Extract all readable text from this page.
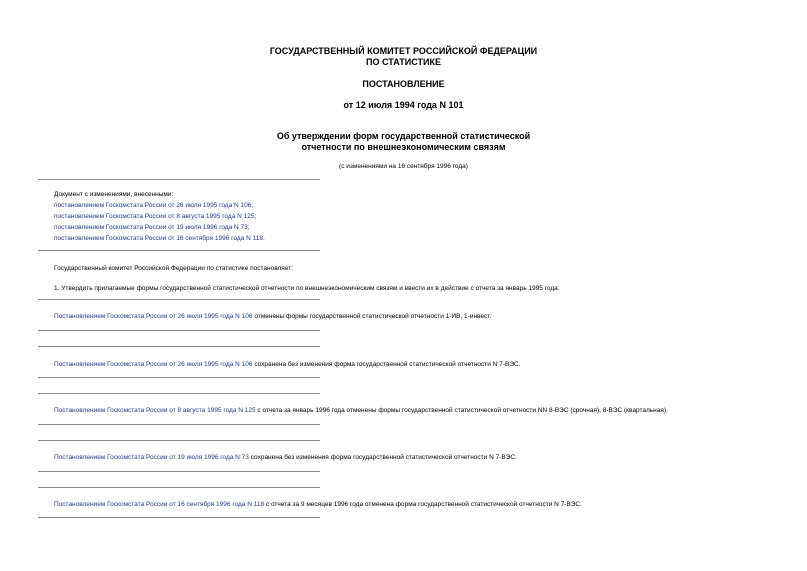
ГОСУДАРСТВЕННЫЙ КОМИТЕТ РОССИЙСКОЙ ФЕДЕРАЦИИ
ПО СТАТИСТИКЕ
ПОСТАНОВЛЕНИЕ
от 12 июля 1994 года N 101
Об утверждении форм государственной статистической
отчетности по внешнеэкономическим связям
(с изменениями на 16 сентября 1996 года)
Документ с изменениями, внесенными:
постановлением Госкомстата России от 26 июля 1995 года N 106;
постановлением Госкомстата России от 8 августа 1995 года N 125;
постановлением Госкомстата России от 19 июля 1996 года N 73;
постановлением Госкомстата России от 16 сентября 1996 года N 118.
Государственный комитет Российской Федерации по статистике постановляет:
1. Утвердить прилагаемые формы государственной статистической отчетности по внешнеэкономическим связям и ввести их в действие с отчета за январь 1995 года:
Постановлением Госкомстата России от 26 июля 1995 года N 106 отменены формы государственной статистической отчетности 1-ИВ, 1-инвест.
Постановлением Госкомстата России от 26 июля 1995 года N 106 сохранена без изменения форма государственной статистической отчетности N 7-ВЭС.
Постановлением Госкомстата России от 8 августа 1995 года N 125 с отчета за январь 1996 года отменены формы государственной статистической отчетности NN 8-ВЭС (срочная), 8-ВЭС (квартальная).
Постановлением Госкомстата России от 19 июля 1996 года N 73 сохранена без изменения форма государственной статистической отчетности N 7-ВЭС.
Постановлением Госкомстата России от 16 сентября 1996 года N 118 с отчета за 9 месяцев 1996 года отменена форма государственной статистической отчетности N 7-ВЭС.
